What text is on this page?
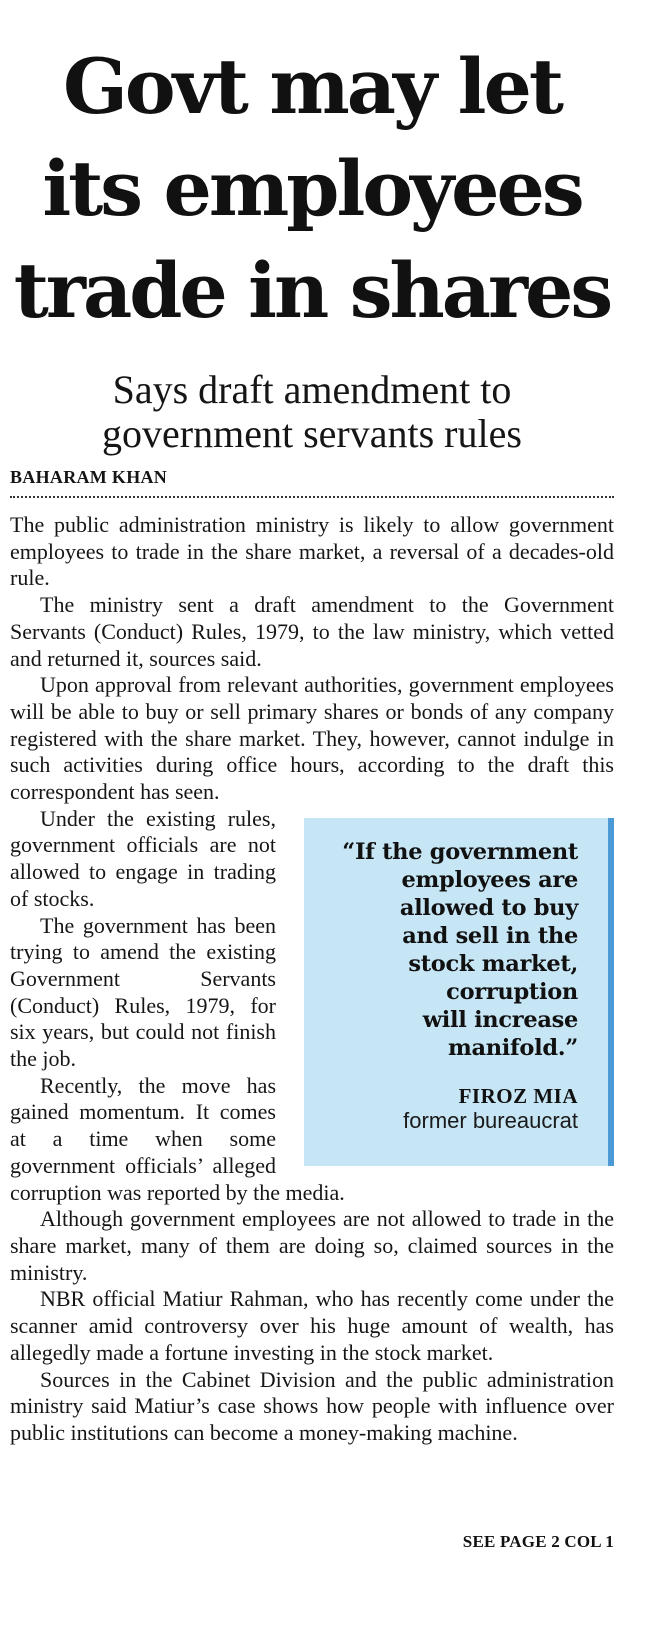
Govt may let
its employees
trade in shares
Says draft amendment to
government servants rules
BAHARAM KHAN

The public administration ministry is likely to allow government employees to trade in the share market, a reversal of a decades-old rule.

The ministry sent a draft amendment to the Government Servants (Conduct) Rules, 1979, to the law ministry, which vetted and returned it, sources said.

Upon approval from relevant authorities, government employees will be able to buy or sell primary shares or bonds of any company registered with the share market. They, however, cannot indulge in such activities during office hours, according to the draft this correspondent has seen.

“If the government
employees are
allowed to buy
and sell in the
stock market,
corruption
will increase
manifold.”
FIROZ MIA
former bureaucrat

Under the existing rules, government officials are not allowed to engage in trading of stocks.

The government has been trying to amend the existing Government Servants (Conduct) Rules, 1979, for six years, but could not finish the job.

Recently, the move has gained momentum. It comes at a time when some government officials’ alleged corruption was reported by the media.

Although government employees are not allowed to trade in the share market, many of them are doing so, claimed sources in the ministry.

NBR official Matiur Rahman, who has recently come under the scanner amid controversy over his huge amount of wealth, has allegedly made a fortune investing in the stock market.

Sources in the Cabinet Division and the public administration ministry said Matiur’s case shows how people with influence over public institutions can become a money-making machine.

SEE PAGE 2 COL 1
